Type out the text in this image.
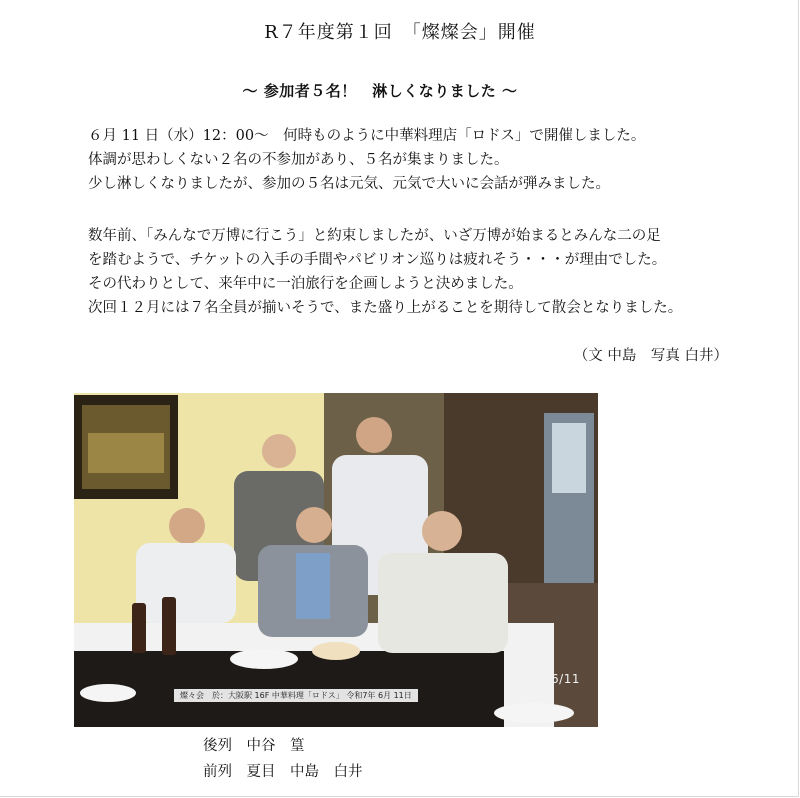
R７年度第１回　「燦燦会」開催
～ 参加者５名！　淋しくなりました ～
６月 11 日（水）12：00～　何時ものように中華料理店「ロドス」で開催しました。
体調が思わしくない２名の不参加があり、５名が集まりました。
少し淋しくなりましたが、参加の５名は元気、元気で大いに会話が弾みました。
数年前、「みんなで万博に行こう」と約束しましたが、いざ万博が始まるとみんな二の足
を踏むようで、チケットの入手の手間やパビリオン巡りは疲れそう・・・が理由でした。
その代わりとして、来年中に一泊旅行を企画しようと決めました。
次回１２月には７名全員が揃いそうで、また盛り上がることを期待して散会となりました。
（文 中島　写真 白井）
2025/06/11
燦々会　於：大阪駅 16F 中華料理「ロドス」 令和7年 6月 11日
後列　中谷　篁
前列　夏目　中島　白井
